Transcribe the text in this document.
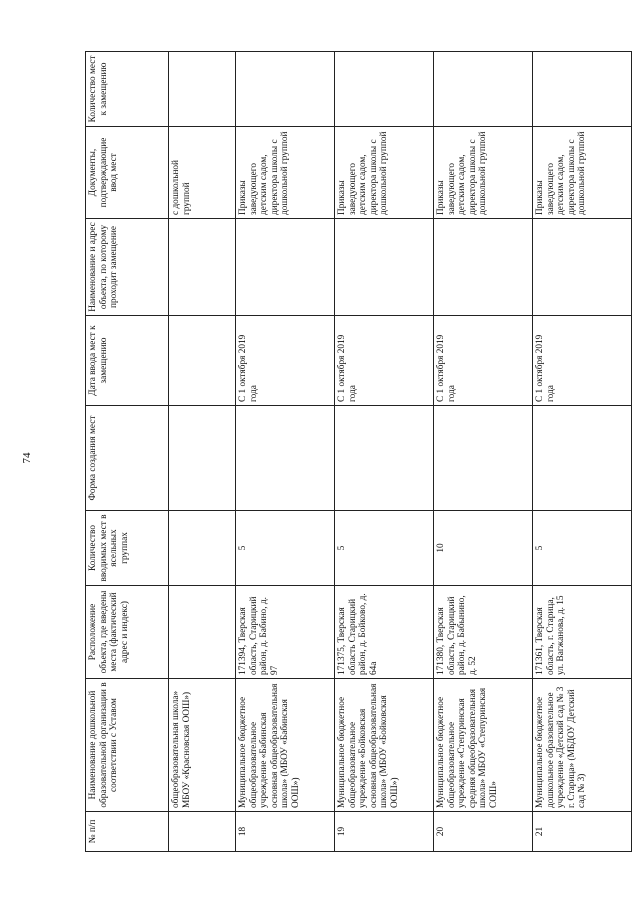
74
№ п/п	Наименование дошкольной образовательной организации в соответствии с Уставом	Расположение объекта, где введены места (фактический адрес и индекс)	Количество вводимых мест в ясельных группах	Форма создания мест	Дата ввода мест к замещению	Наименование и адрес объекта, по которому проходит замещение	Документы, подтверждающие ввод мест	Количество мест к замещению
	общеобразовательная школа» МБОУ «Красновская ООШ»)						с дошкольной группой	
18	Муниципальное бюджетное общеобразовательное учреждение «Бабинская основная общеобразовательная школа» (МБОУ «Бабинская ООШ»)	171394, Тверская область, Старицкий район, д. Бабино, д. 97	5		С 1 октября 2019 года		Приказы заведующего детским садом, директора школы с дошкольной группой	
19	Муниципальное бюджетное общеобразовательное учреждение «Бойковская основная общеобразовательная школа» (МБОУ «Бойковская ООШ»)	171375, Тверская область Старицкий район, д. Бойково, д. 64а	5		С 1 октября 2019 года		Приказы заведующего детским садом, директора школы с дошкольной группой	
20	Муниципальное бюджетное общеобразовательное учреждение «Степуринская средняя общеобразовательная школа» МБОУ «Степуринская СОШ»	171380, Тверская область, Старицкий район, д. Бабынино, д. 52	10		С 1 октября 2019 года		Приказы заведующего детским садом, директора школы с дошкольной группой	
21	Муниципальное бюджетное дошкольное образовательное учреждение «Детский сад № 3 г. Старица» (МБДОУ Детский сад № 3)	171361, Тверская область, г. Старица, ул. Вагжанова, д. 15	5		С 1 октября 2019 года		Приказы заведующего детским садом, директора школы с дошкольной группой	
